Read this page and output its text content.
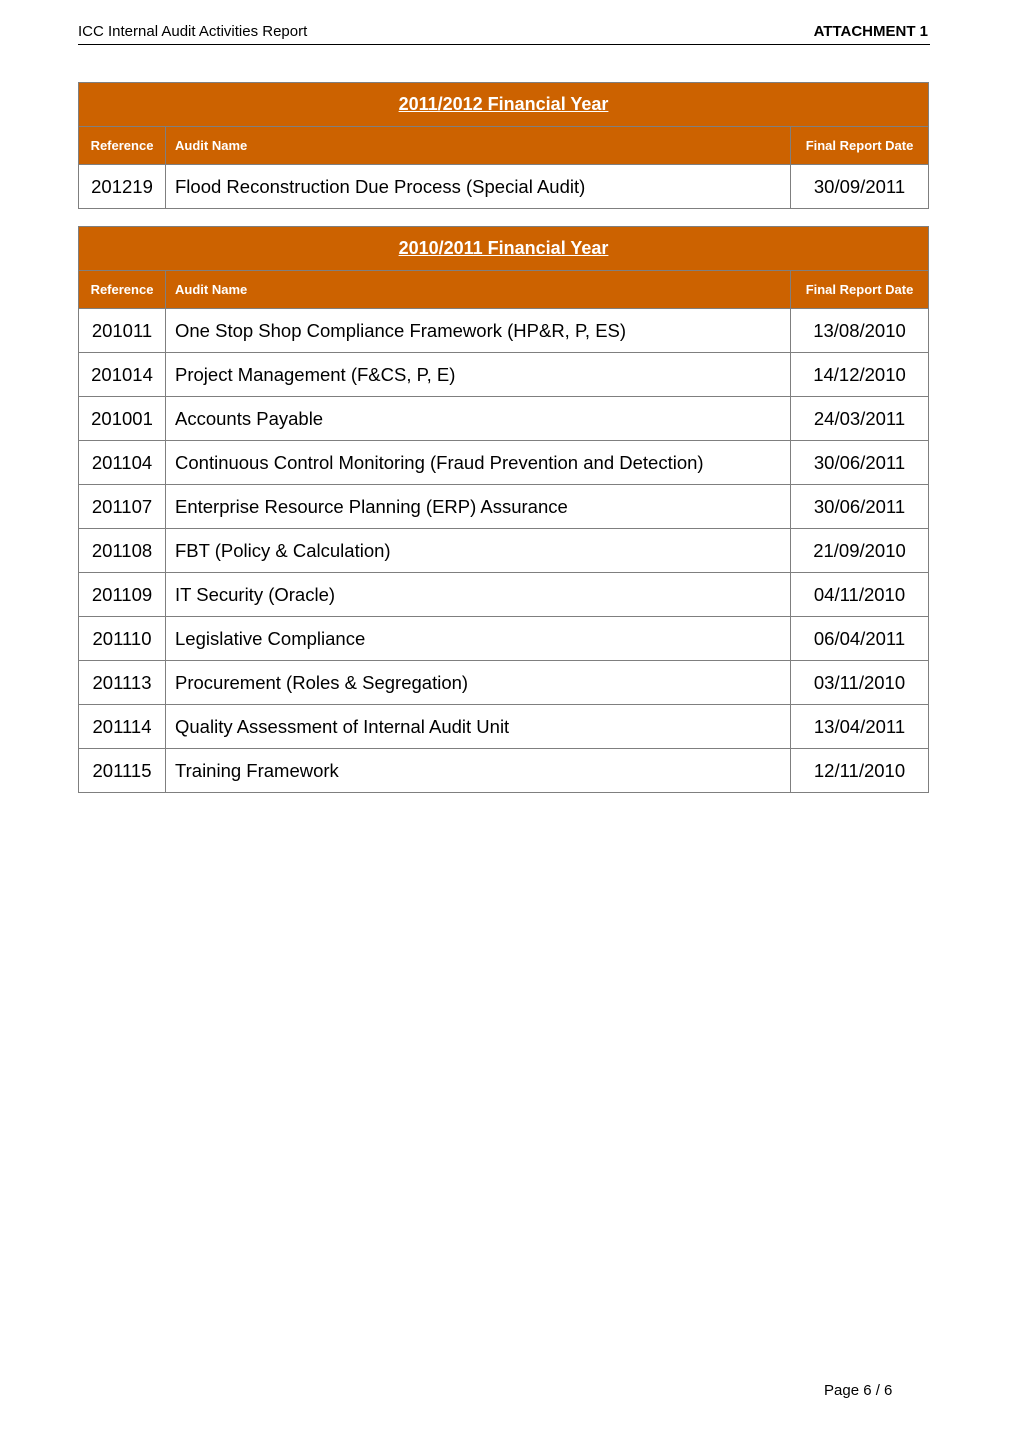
ICC Internal Audit Activities Report	ATTACHMENT 1
2011/2012 Financial Year		
Reference	Audit Name	Final Report Date
201219	Flood Reconstruction Due Process (Special Audit)	30/09/2011
2010/2011 Financial Year		
Reference	Audit Name	Final Report Date
201011	One Stop Shop Compliance Framework (HP&R, P, ES)	13/08/2010
201014	Project Management (F&CS, P, E)	14/12/2010
201001	Accounts Payable	24/03/2011
201104	Continuous Control Monitoring (Fraud Prevention and Detection)	30/06/2011
201107	Enterprise Resource Planning (ERP) Assurance	30/06/2011
201108	FBT (Policy & Calculation)	21/09/2010
201109	IT Security (Oracle)	04/11/2010
201110	Legislative Compliance	06/04/2011
201113	Procurement (Roles & Segregation)	03/11/2010
201114	Quality Assessment of Internal Audit Unit	13/04/2011
201115	Training Framework	12/11/2010
Page 6 / 6
